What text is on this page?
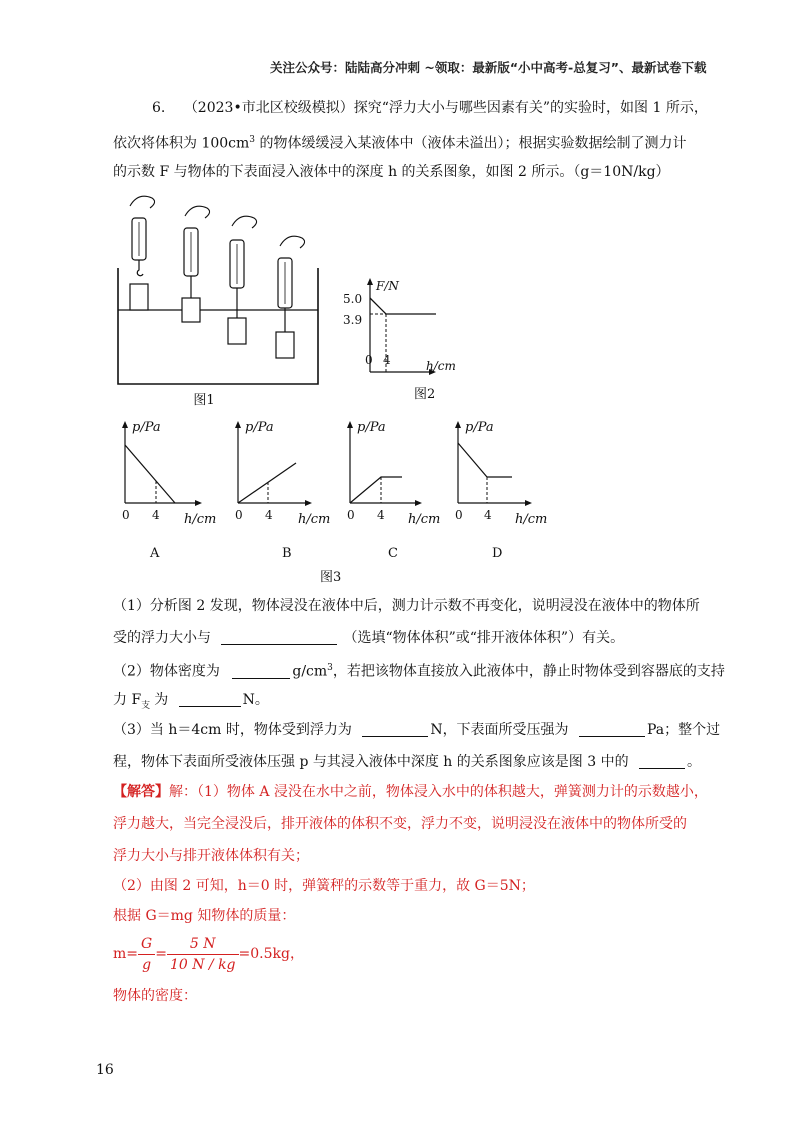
关注公众号：陆陆高分冲刺 ~领取：最新版“小中高考-总复习”、最新试卷下载
6. （2023•市北区校级模拟）探究“浮力大小与哪些因素有关”的实验时，如图 1 所示，
依次将体积为 $100cm^3$ 的物体缓缓浸入某液体中（液体未溢出）；根据实验数据绘制了测力计
的示数 F 与物体的下表面浸入液体中的深度 h 的关系图象，如图 2 所示。（g＝10N/kg）
图1
F/N
5.0
3.9
0 4	h/cm
图2
p/Pa
0 4 h/cm
A
p/Pa
0 4 h/cm
B
p/Pa
0 4 h/cm
C
p/Pa
0 4 h/cm
D
图3
（1）分析图 2 发现，物体浸没在液体中后，测力计示数不再变化，说明浸没在液体中的物体所
受的浮力大小与	（选填“物体体积”或“排开液体体积”）有关。
（2）物体密度为	$g/cm^3$，若把该物体直接放入此液体中，静止时物体受到容器底的支持
力 $F_支$ 为	N。
（3）当 h＝4cm 时，物体受到浮力为	N，下表面所受压强为	Pa；整个过
程，物体下表面所受液体压强 p 与其浸入液体中深度 h 的关系图象应该是图 3 中的	。
【解答】解：（1）物体 A 浸没在水中之前，物体浸入水中的体积越大，弹簧测力计的示数越小，
浮力越大，当完全浸没后，排开液体的体积不变，浮力不变，说明浸没在液体中的物体所受的
浮力大小与排开液体体积有关；
（2）由图 2 可知，h＝0 时，弹簧秤的示数等于重力，故 G＝5N；
根据 G＝mg 知物体的质量：
$m= \frac{G}{g} = \frac{5 N}{10 N / kg} =0.5kg$，
物体的密度：
16
